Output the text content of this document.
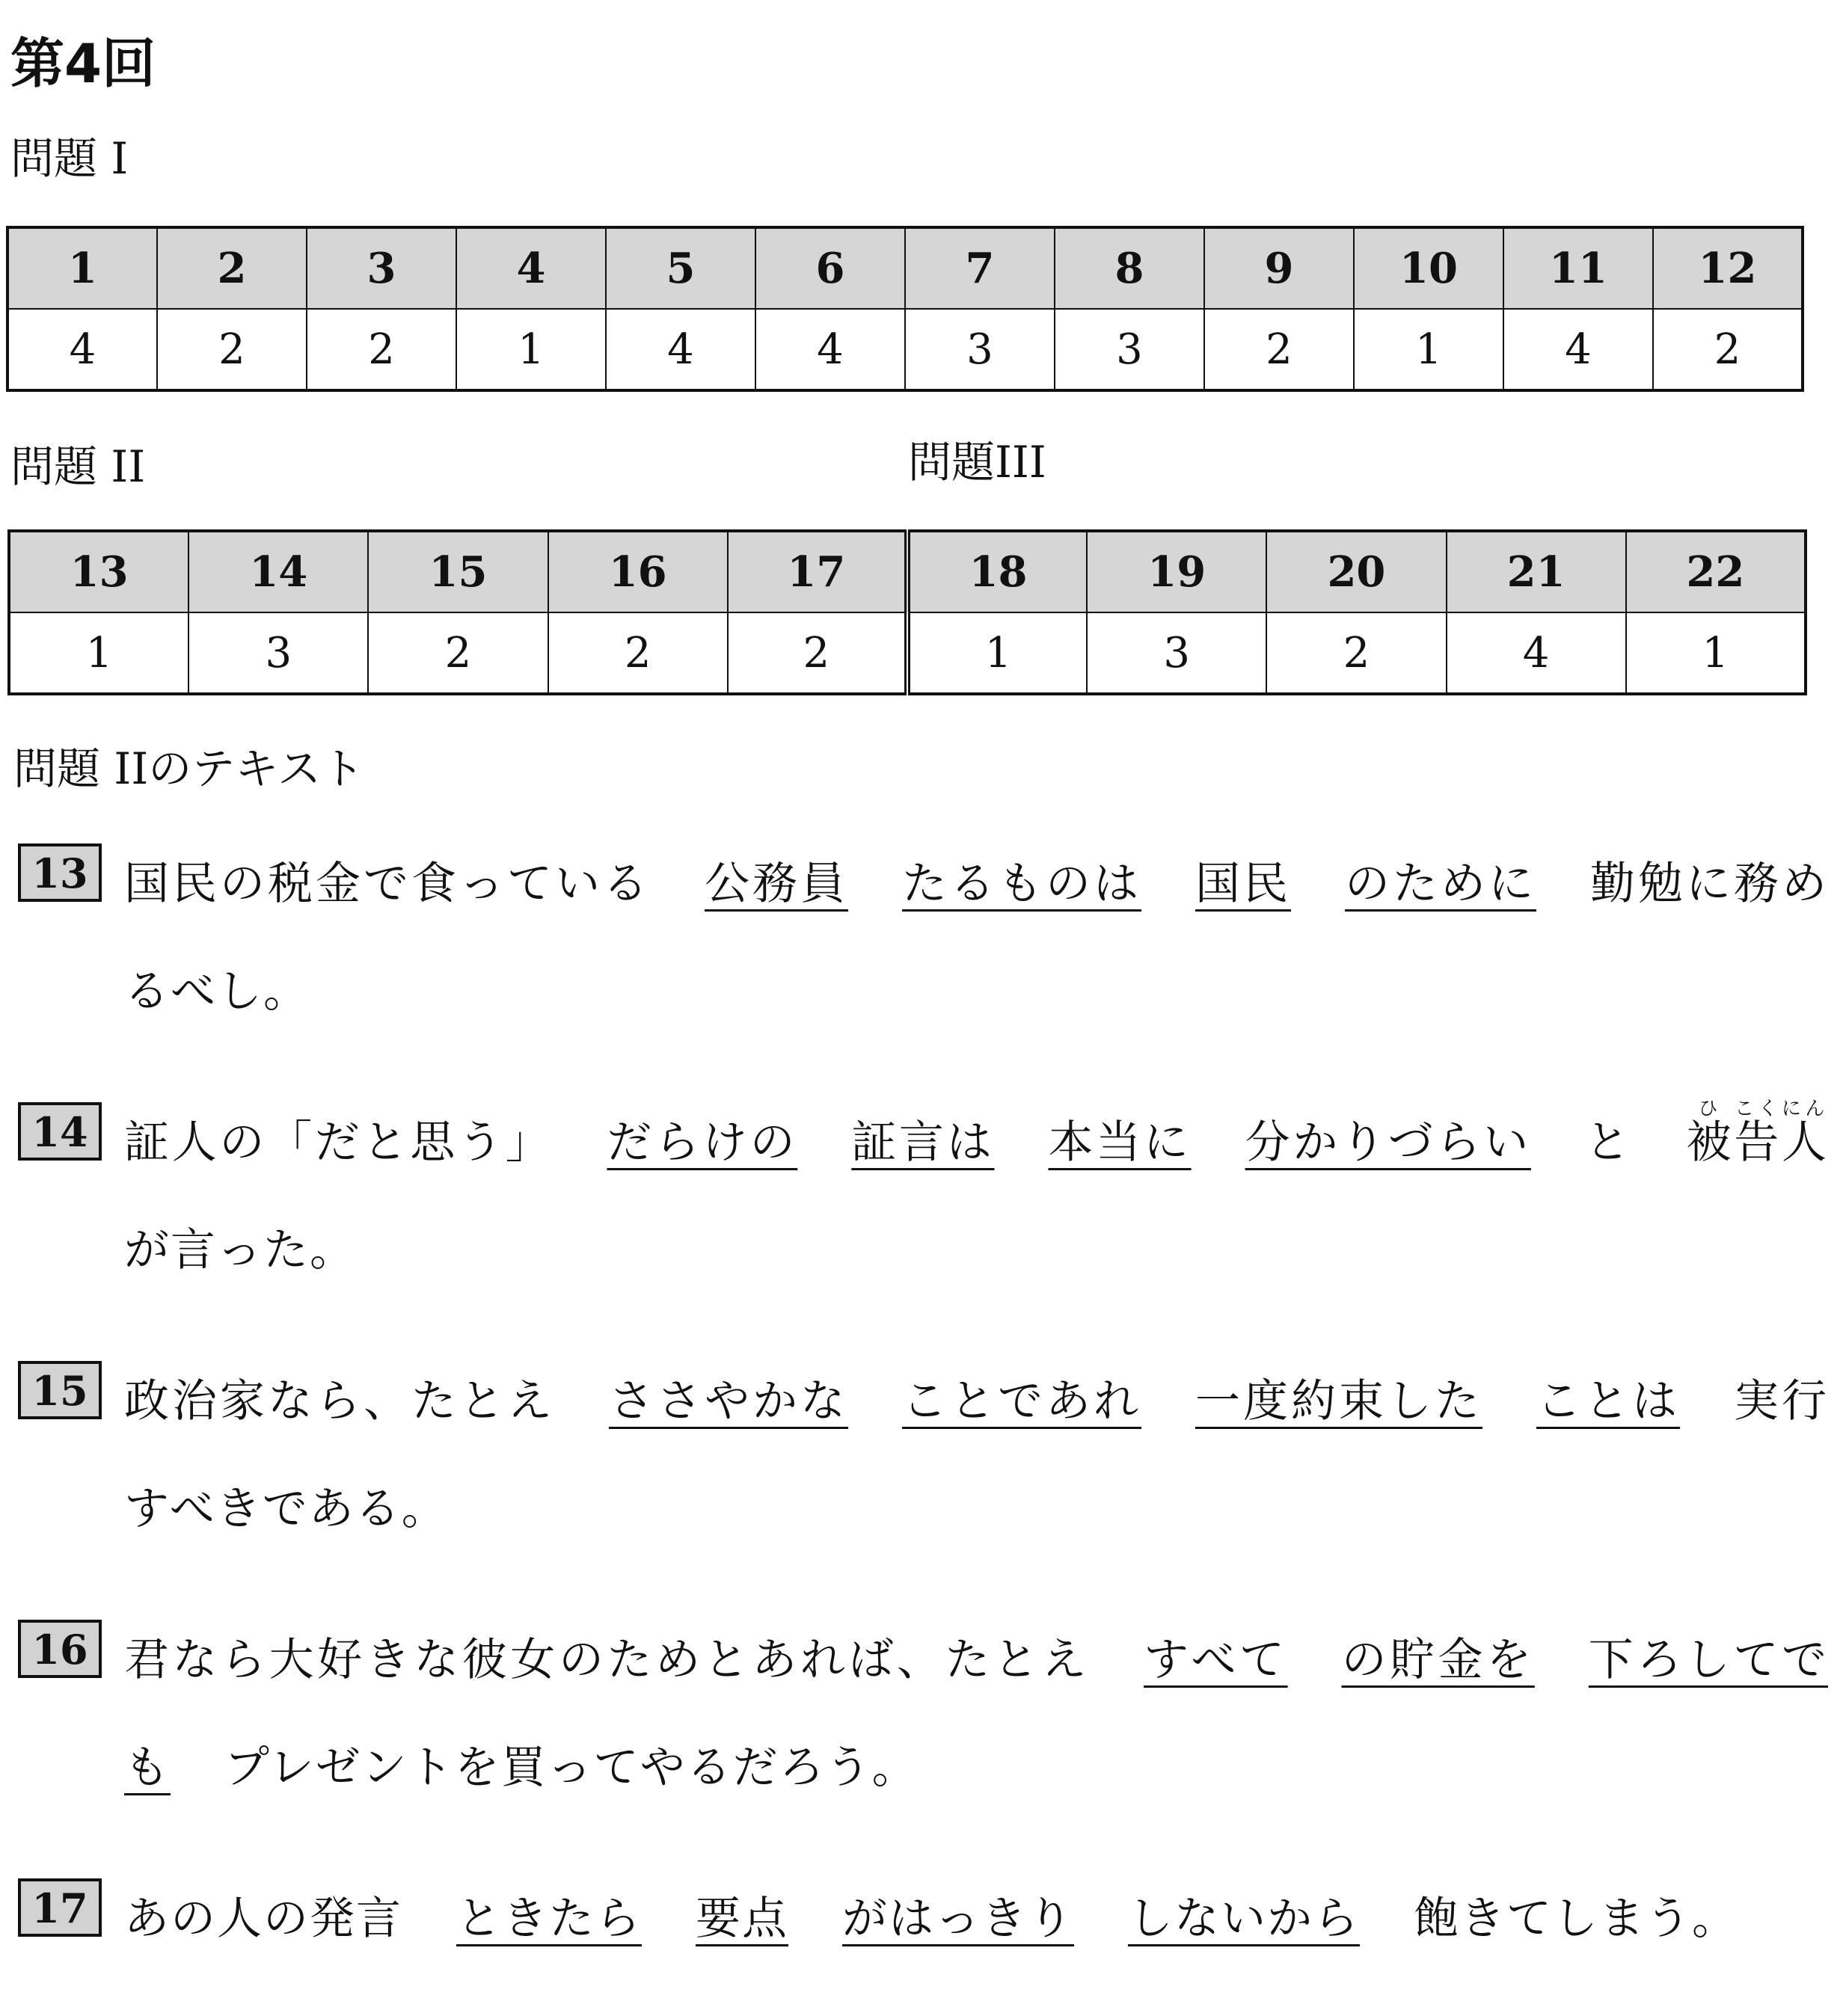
第4回

問題 I

1	2	3	4	5	6	7	8	9	10	11	12
4	2	2	1	4	4	3	3	2	1	4	2

問題 II	問題III

13	14	15	16	17	18	19	20	21	22
1	3	2	2	2	1	3	2	4	1

問題 IIのテキスト

13 国民の税金で食っている 公務員 たるものは 国民 のために 勤勉に務めるべし。
14 証人の「だと思う」 だらけの 証言は 本当に 分かりづらい と 被ひ告人こくにんが言った。
15 政治家なら、たとえ ささやかな ことであれ 一度約束した ことは 実行すべきである。
16 君なら大好きな彼女のためとあれば、たとえ すべて の貯金を 下ろしてでも プレゼントを買ってやるだろう。
17 あの人の発言 ときたら 要点 がはっきり しないから 飽きてしまう。
